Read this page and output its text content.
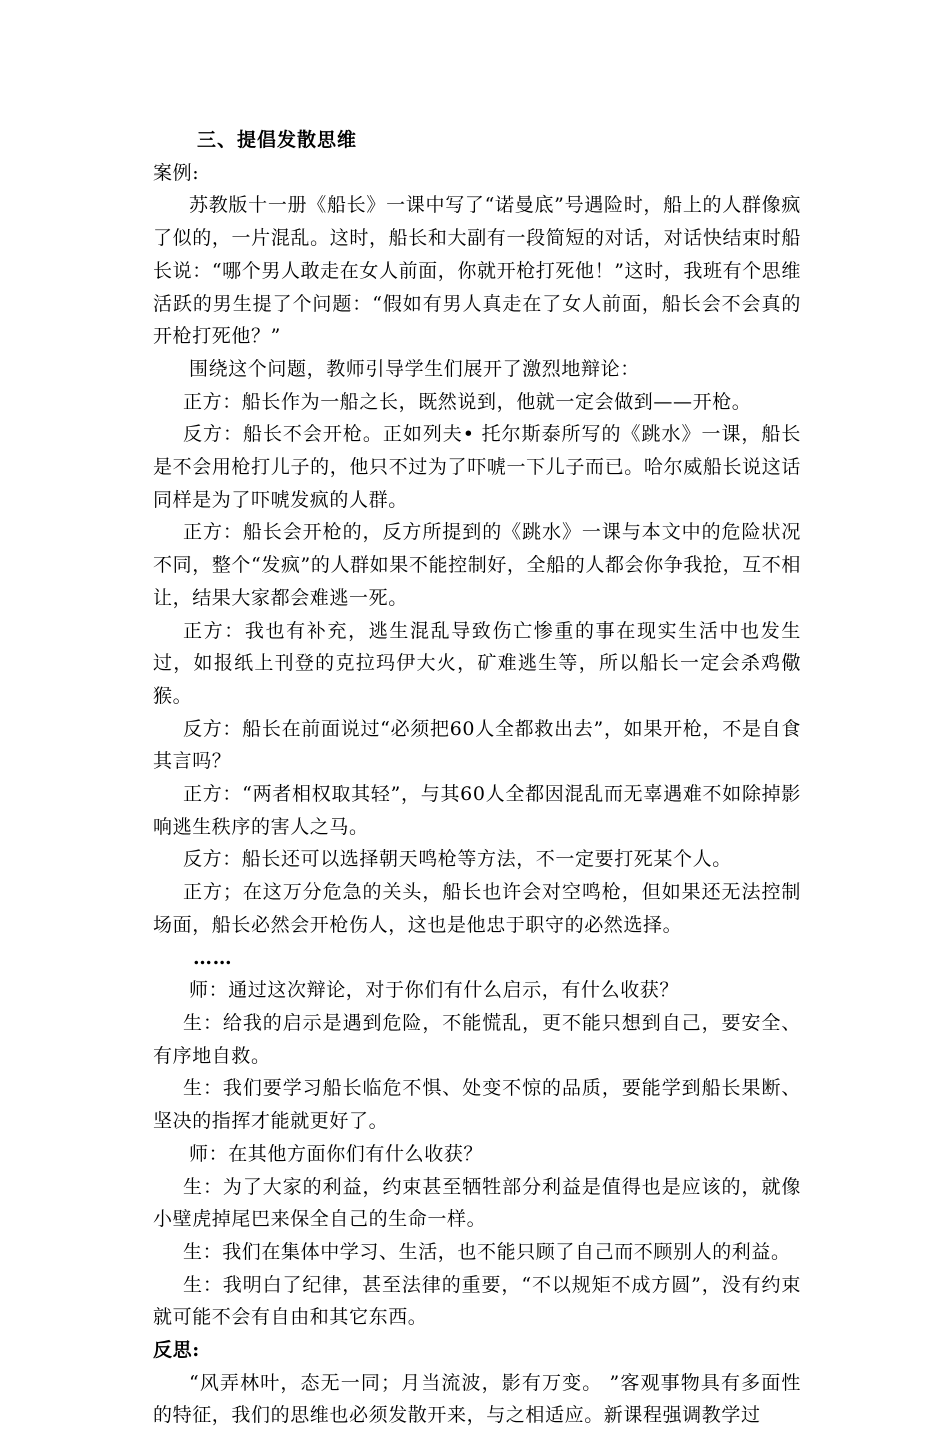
三、提倡发散思维

案例:

苏教版十一册《船长》一课中写了“诺曼底”号遇险时，船上的人群像疯了似的，一片混乱。这时，船长和大副有一段简短的对话，对话快结束时船长说：“哪个男人敢走在女人前面，你就开枪打死他！”这时，我班有个思维活跃的男生提了个问题：“假如有男人真走在了女人前面，船长会不会真的开枪打死他？”

围绕这个问题，教师引导学生们展开了激烈地辩论：

正方：船长作为一船之长，既然说到，他就一定会做到——开枪。

反方：船长不会开枪。正如列夫• 托尔斯泰所写的《跳水》一课，船长是不会用枪打儿子的，他只不过为了吓唬一下儿子而已。哈尔威船长说这话同样是为了吓唬发疯的人群。

正方：船长会开枪的，反方所提到的《跳水》一课与本文中的危险状况不同，整个“发疯”的人群如果不能控制好，全船的人都会你争我抢，互不相让，结果大家都会难逃一死。

正方：我也有补充，逃生混乱导致伤亡惨重的事在现实生活中也发生过，如报纸上刊登的克拉玛伊大火，矿难逃生等，所以船长一定会杀鸡儆猴。

反方：船长在前面说过“必须把60人全都救出去”，如果开枪，不是自食其言吗？

正方：“两者相权取其轻”，与其60人全都因混乱而无辜遇难不如除掉影响逃生秩序的害人之马。

反方：船长还可以选择朝天鸣枪等方法，不一定要打死某个人。

正方；在这万分危急的关头，船长也许会对空鸣枪，但如果还无法控制场面，船长必然会开枪伤人，这也是他忠于职守的必然选择。

……

师：通过这次辩论，对于你们有什么启示，有什么收获？

生：给我的启示是遇到危险，不能慌乱，更不能只想到自己，要安全、有序地自救。

生：我们要学习船长临危不惧、处变不惊的品质，要能学到船长果断、坚决的指挥才能就更好了。

师：在其他方面你们有什么收获？

生：为了大家的利益，约束甚至牺牲部分利益是值得也是应该的，就像小壁虎掉尾巴来保全自己的生命一样。

生：我们在集体中学习、生活，也不能只顾了自己而不顾别人的利益。

生：我明白了纪律，甚至法律的重要，“不以规矩不成方圆”，没有约束就可能不会有自由和其它东西。

反思:

“风弄林叶，态无一同；月当流波，影有万变。 ”客观事物具有多面性的特征，我们的思维也必须发散开来，与之相适应。新课程强调教学过
